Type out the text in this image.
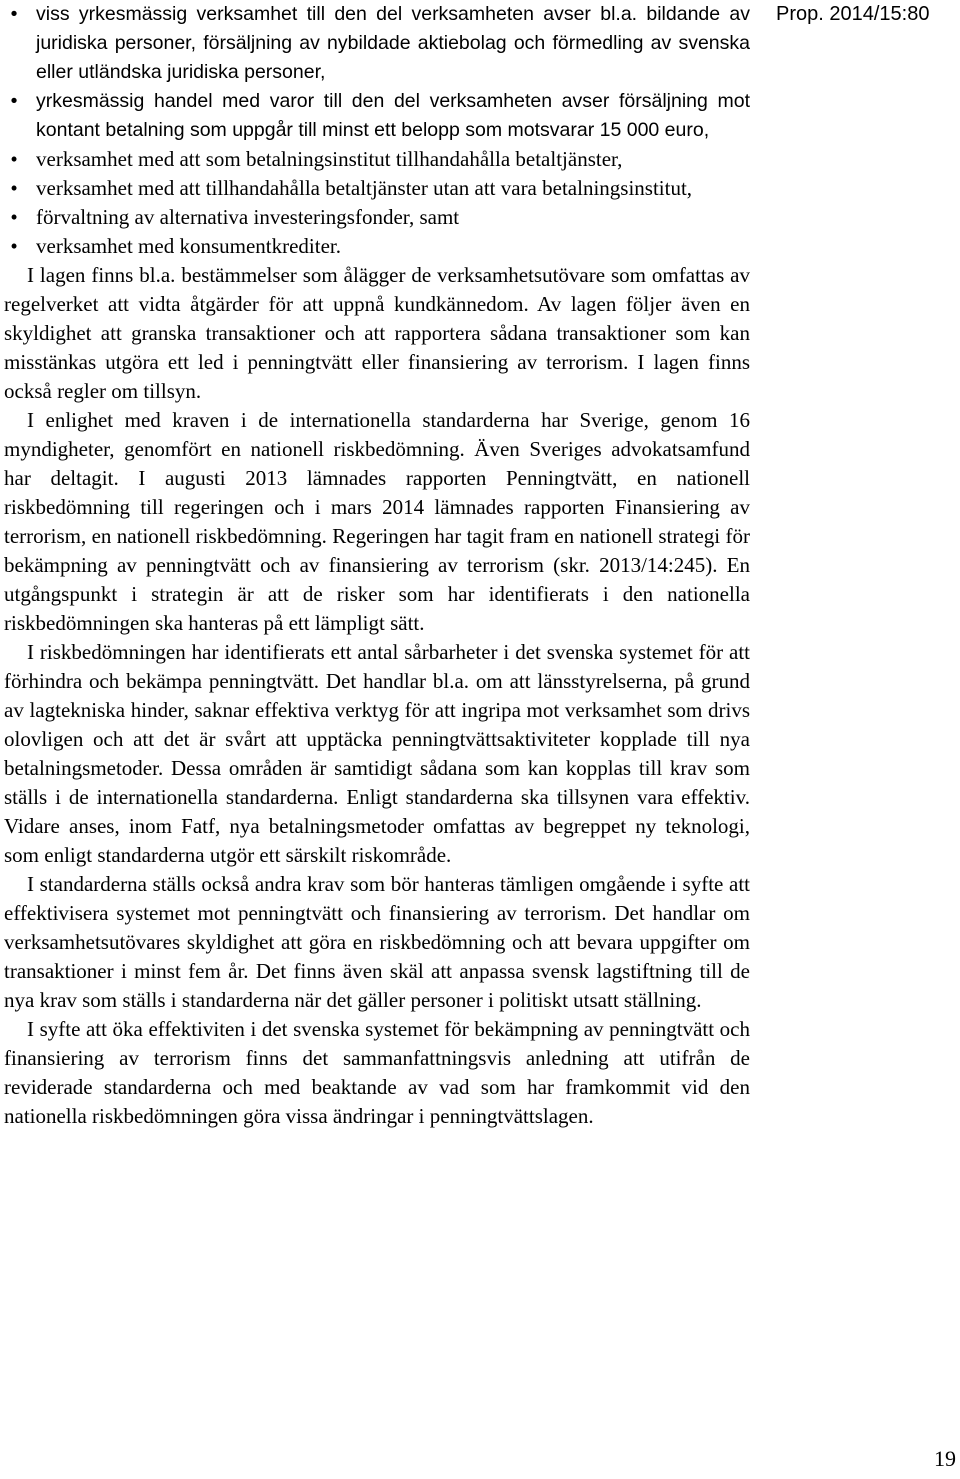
• viss yrkesmässig verksamhet till den del verksamheten avser bl.a. bildande av juridiska personer, försäljning av nybildade aktiebolag och förmedling av svenska eller utländska juridiska personer,
• yrkesmässig handel med varor till den del verksamheten avser försäljning mot kontant betalning som uppgår till minst ett belopp som motsvarar 15 000 euro,
• verksamhet med att som betalningsinstitut tillhandahålla betaltjänster,
• verksamhet med att tillhandahålla betaltjänster utan att vara betalningsinstitut,
• förvaltning av alternativa investeringsfonder, samt
• verksamhet med konsumentkrediter.

I lagen finns bl.a. bestämmelser som ålägger de verksamhetsutövare som omfattas av regelverket att vidta åtgärder för att uppnå kundkännedom. Av lagen följer även en skyldighet att granska transaktioner och att rapportera sådana transaktioner som kan misstänkas utgöra ett led i penningtvätt eller finansiering av terrorism. I lagen finns också regler om tillsyn.

I enlighet med kraven i de internationella standarderna har Sverige, genom 16 myndigheter, genomfört en nationell riskbedömning. Även Sveriges advokatsamfund har deltagit. I augusti 2013 lämnades rapporten Penningtvätt, en nationell riskbedömning till regeringen och i mars 2014 lämnades rapporten Finansiering av terrorism, en nationell riskbedömning. Regeringen har tagit fram en nationell strategi för bekämpning av penningtvätt och av finansiering av terrorism (skr. 2013/14:245). En utgångspunkt i strategin är att de risker som har identifierats i den nationella riskbedömningen ska hanteras på ett lämpligt sätt.

I riskbedömningen har identifierats ett antal sårbarheter i det svenska systemet för att förhindra och bekämpa penningtvätt. Det handlar bl.a. om att länsstyrelserna, på grund av lagtekniska hinder, saknar effektiva verktyg för att ingripa mot verksamhet som drivs olovligen och att det är svårt att upptäcka penningtvättsaktiviteter kopplade till nya betalningsmetoder. Dessa områden är samtidigt sådana som kan kopplas till krav som ställs i de internationella standarderna. Enligt standarderna ska tillsynen vara effektiv. Vidare anses, inom Fatf, nya betalningsmetoder omfattas av begreppet ny teknologi, som enligt standarderna utgör ett särskilt riskområde.

I standarderna ställs också andra krav som bör hanteras tämligen omgående i syfte att effektivisera systemet mot penningtvätt och finansiering av terrorism. Det handlar om verksamhetsutövares skyldighet att göra en riskbedömning och att bevara uppgifter om transaktioner i minst fem år. Det finns även skäl att anpassa svensk lagstiftning till de nya krav som ställs i standarderna när det gäller personer i politiskt utsatt ställning.

I syfte att öka effektiviten i det svenska systemet för bekämpning av penningtvätt och finansiering av terrorism finns det sammanfattningsvis anledning att utifrån de reviderade standarderna och med beaktande av vad som har framkommit vid den nationella riskbedömningen göra vissa ändringar i penningtvättslagen.

Prop. 2014/15:80
19
